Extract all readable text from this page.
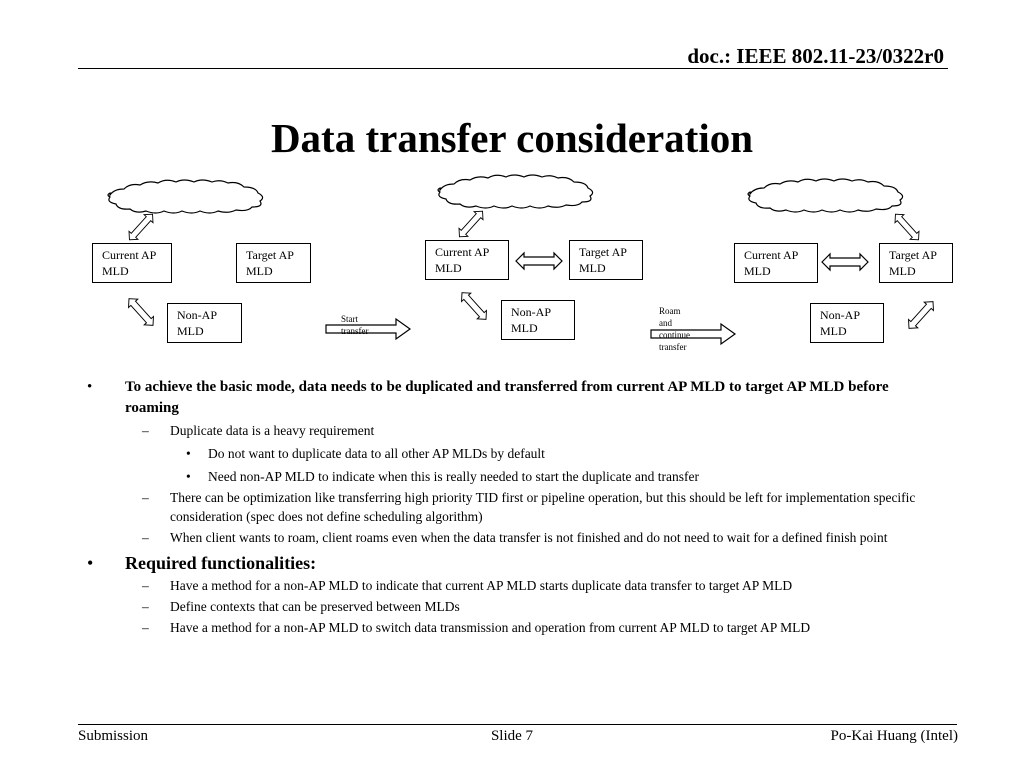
doc.: IEEE 802.11-23/0322r0
Data transfer consideration
Current AP
MLD
Target AP
MLD
Non-AP
MLD
Current AP
MLD
Target AP
MLD
Non-AP
MLD
Current AP
MLD
Target AP
MLD
Non-AP
MLD
Start transfer
Roam and
continue transfer
• To achieve the basic mode, data needs to be duplicated and transferred from current AP MLD to target AP MLD before roaming
– Duplicate data is a heavy requirement
• Do not want to duplicate data to all other AP MLDs by default
• Need non-AP MLD to indicate when this is really needed to start the duplicate and transfer
– There can be optimization like transferring high priority TID first or pipeline operation, but this should be left for implementation specific consideration (spec does not define scheduling algorithm)
– When client wants to roam, client roams even when the data transfer is not finished and do not need to wait for a defined finish point
• Required functionalities:
– Have a method for a non-AP MLD to indicate that current AP MLD starts duplicate data transfer to target AP MLD
– Define contexts that can be preserved between MLDs
– Have a method for a non-AP MLD to switch data transmission and operation from current AP MLD to target AP MLD
Submission	Slide 7	Po-Kai Huang (Intel)
